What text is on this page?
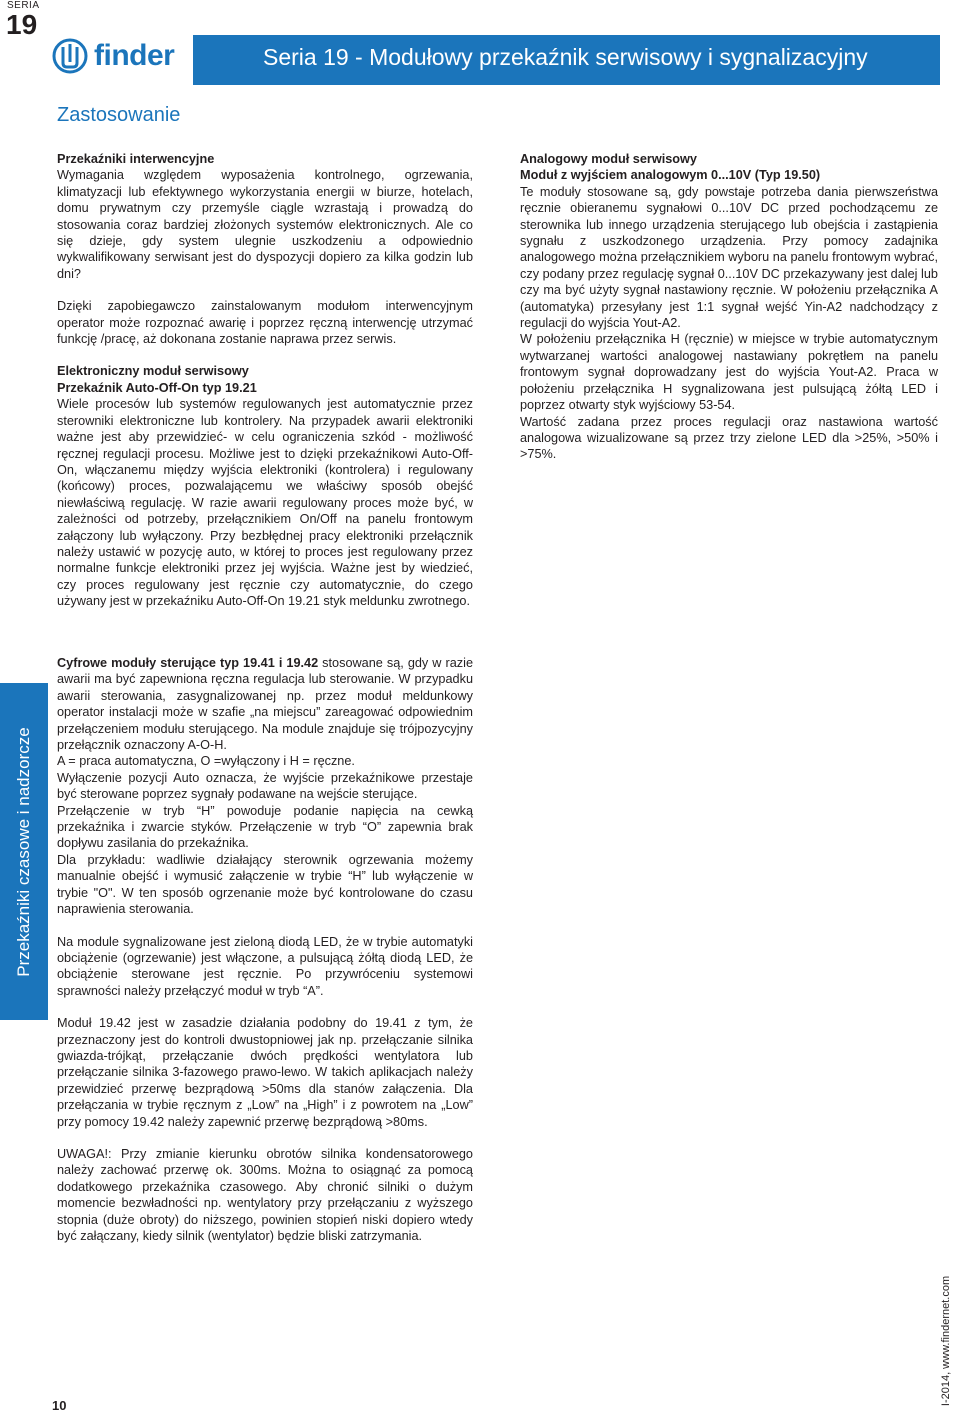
SERIA
19
finder	Seria 19 - Modułowy przekaźnik serwisowy i sygnalizacyjny
Zastosowanie

Przekaźniki interwencyjne

Wymagania względem wyposażenia kontrolnego, ogrzewania, klimatyzacji lub efektywnego wykorzystania energii w biurze, hotelach, domu prywatnym czy przemyśle ciągle wzrastają i prowadzą do stosowania coraz bardziej złożonych systemów elektronicznych. Ale co się dzieje, gdy system ulegnie uszkodzeniu a odpowiednio wykwalifikowany serwisant jest do dyspozycji dopiero za kilka godzin lub dni?

Dzięki zapobiegawczo zainstalowanym modułom interwencyjnym operator może rozpoznać awarię i poprzez ręczną interwencję utrzymać funkcję /pracę, aż dokonana zostanie naprawa przez serwis.

Elektroniczny moduł serwisowy

Przekaźnik Auto-Off-On typ 19.21

Wiele procesów lub systemów regulowanych jest automatycznie przez sterowniki elektroniczne lub kontrolery. Na przypadek awarii elektroniki ważne jest aby przewidzieć- w celu ograniczenia szkód - możliwość ręcznej regulacji procesu. Możliwe jest to dzięki przekaźnikowi Auto-Off-On, włączanemu między wyjścia elektroniki (kontrolera) i regulowany (końcowy) proces, pozwalającemu we właściwy sposób obejść niewłaściwą regulację. W razie awarii regulowany proces może być, w zależności od potrzeby, przełącznikiem On/Off na panelu frontowym załączony lub wyłączony. Przy bezbłędnej pracy elektroniki przełącznik należy ustawić w pozycję auto, w której to proces jest regulowany przez normalne funkcje elektroniki przez jej wyjścia. Ważne jest by wiedzieć, czy proces regulowany jest ręcznie czy automatycznie, do czego używany jest w przekaźniku Auto-Off-On 19.21 styk meldunku zwrotnego.

Cyfrowe moduły sterujące typ 19.41 i 19.42 stosowane są, gdy w razie awarii ma być zapewniona ręczna regulacja lub sterowanie. W przypadku awarii sterowania, zasygnalizowanej np. przez moduł meldunkowy operator instalacji może w szafie „na miejscu” zareagować odpowiednim przełączeniem modułu sterującego. Na module znajduje się trójpozycyjny przełącznik oznaczony A-O-H.

A = praca automatyczna, O =wyłączony i H = ręczne.

Wyłączenie pozycji Auto oznacza, że wyjście przekaźnikowe przestaje być sterowane poprzez sygnały podawane na wejście sterujące.

Przełączenie w tryb “H” powoduje podanie napięcia na cewką przekaźnika i zwarcie styków. Przełączenie w tryb “O” zapewnia brak dopływu zasilania do przekaźnika.

Dla przykładu: wadliwie działający sterownik ogrzewania możemy manualnie obejść i wymusić załączenie w trybie “H” lub wyłączenie w trybie "O". W ten sposób ogrzenanie może być kontrolowane do czasu naprawienia sterowania.

Na module sygnalizowane jest zieloną diodą LED, że w trybie automatyki obciążenie (ogrzewanie) jest włączone, a pulsującą żółtą diodą LED, że obciążenie sterowane jest ręcznie. Po przywróceniu systemowi sprawności należy przełączyć moduł w tryb “A”.

Moduł 19.42 jest w zasadzie działania podobny do 19.41 z tym, że przeznaczony jest do kontroli dwustopniowej jak np. przełączanie silnika gwiazda-trójkąt, przełączanie dwóch prędkości wentylatora lub przełączanie silnika 3-fazowego prawo-lewo. W takich aplikacjach należy przewidzieć przerwę bezprądową >50ms dla stanów załączenia. Dla przełączania w trybie ręcznym z „Low” na „High” i z powrotem na „Low” przy pomocy 19.42 należy zapewnić przerwę bezprądową >80ms.

UWAGA!: Przy zmianie kierunku obrotów silnika kondensatorowego należy zachować przerwę ok. 300ms. Można to osiągnąć za pomocą dodatkowego przekaźnika czasowego. Aby chronić silniki o dużym momencie bezwładności np. wentylatory przy przełączaniu z wyższego stopnia (duże obroty) do niższego, powinien stopień niski dopiero wtedy być załączany, kiedy silnik (wentylator) będzie bliski zatrzymania.

Analogowy moduł serwisowy

Moduł z wyjściem analogowym 0...10V (Typ 19.50)

Te moduły stosowane są, gdy powstaje potrzeba dania pierwszeństwa ręcznie obieranemu sygnałowi 0...10V DC przed pochodzącemu ze sterownika lub innego urządzenia sterującego lub obejścia i zastąpienia sygnału z uszkodzonego urządzenia. Przy pomocy zadajnika analogowego można przełącznikiem wyboru na panelu frontowym wybrać, czy podany przez regulację sygnał 0...10V DC przekazywany jest dalej lub czy ma być użyty sygnał nastawiony ręcznie. W położeniu przełącznika A (automatyka) przesyłany jest 1:1 sygnał wejść Yin-A2 nadchodzący z regulacji do wyjścia Yout-A2.

W położeniu przełącznika H (ręcznie) w miejsce w trybie automatycznym wytwarzanej wartości analogowej nastawiany pokrętłem na panelu frontowym sygnał doprowadzany jest do wyjścia Yout-A2. Praca w położeniu przełącznika H sygnalizowana jest pulsującą żółtą LED i poprzez otwarty styk wyjściowy 53-54.

Wartość zadana przez proces regulacji oraz nastawiona wartość analogowa wizualizowane są przez trzy zielone LED dla >25%, >50% i >75%.

Przekaźniki czasowe i nadzorcze
10	I-2014, www.findernet.com
